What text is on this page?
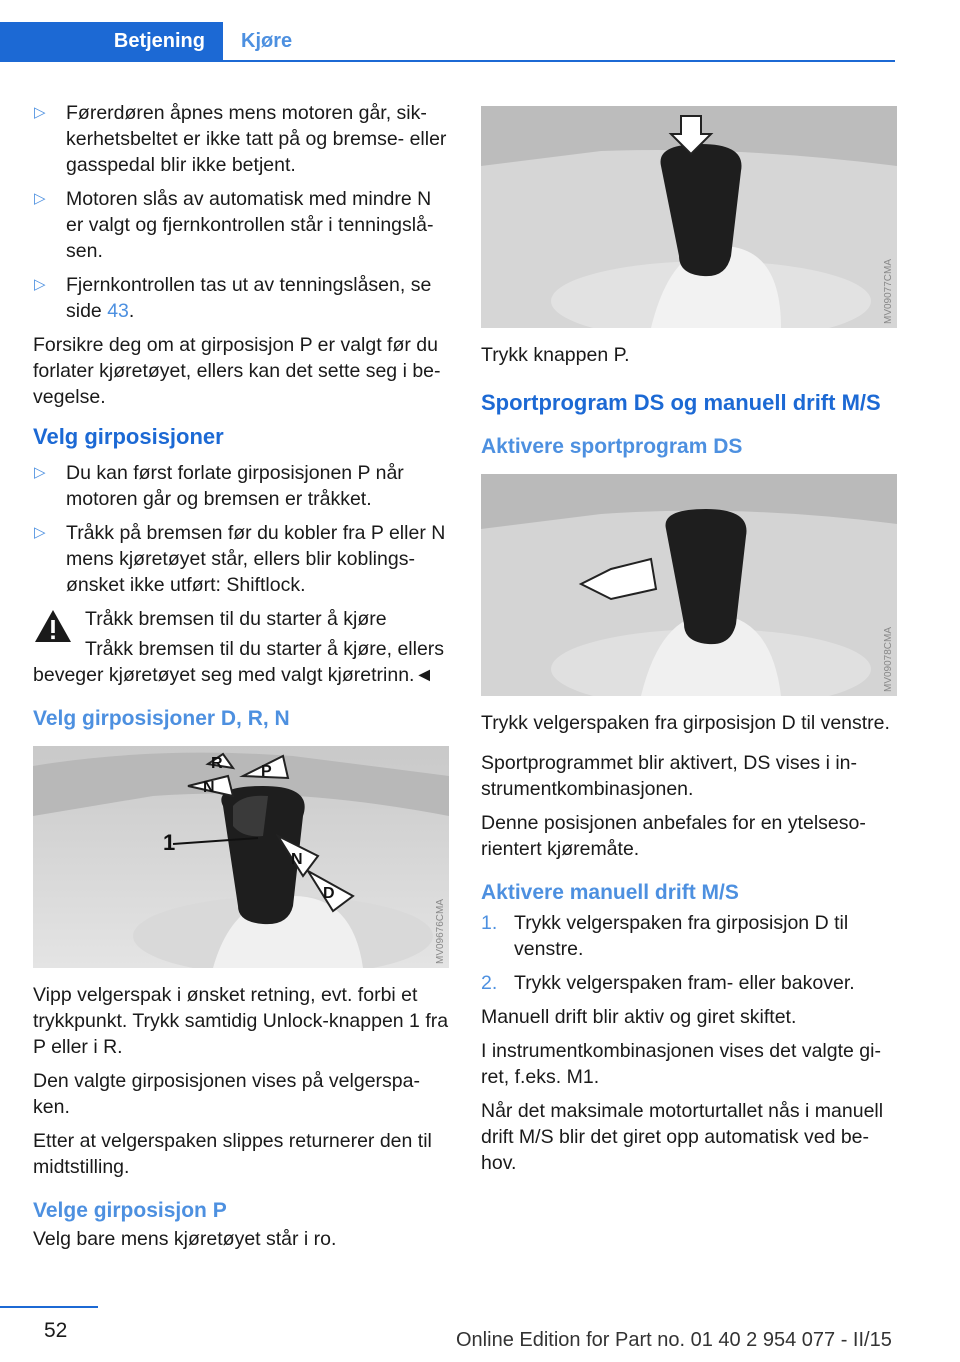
Betjening Kjøre
▷ Førerdøren åpnes mens motoren går, sikkerhetsbeltet er ikke tatt på og bremse- eller gasspedal blir ikke betjent.
▷ Motoren slås av automatisk med mindre N er valgt og fjernkontrollen står i tenningslåsen.
▷ Fjernkontrollen tas ut av tenningslåsen, se side 43.

Forsikre deg om at girposisjon P er valgt før du forlater kjøretøyet, ellers kan det sette seg i bevegelse.

Velg girposisjoner
▷ Du kan først forlate girposisjonen P når motoren går og bremsen er tråkket.
▷ Tråkk på bremsen før du kobler fra P eller N mens kjøretøyet står, ellers blir koblingsønsket ikke utført: Shiftlock.
Tråkk bremsen til du starter å kjøre

Tråkk bremsen til du starter å kjøre, ellers beveger kjøretøyet seg med valgt kjøretrinn.◄

Velg girposisjoner D, R, N
1
R
N
P
N
D
MV09676CMA

Vipp velgerspak i ønsket retning, evt. forbi et trykkpunkt. Trykk samtidig Unlock-knappen 1 fra P eller i R.

Den valgte girposisjonen vises på velgerspaken.

Etter at velgerspaken slippes returnerer den til midtstilling.

Velge girposisjon P

Velg bare mens kjøretøyet står i ro.

MV09077CMA

Trykk knappen P.

Sportprogram DS og manuell drift M/S
Aktivere sportprogram DS
MV09078CMA

Trykk velgerspaken fra girposisjon D til venstre.

Sportprogrammet blir aktivert, DS vises i instrumentkombinasjonen.

Denne posisjonen anbefales for en ytelsesorientert kjøremåte.

Aktivere manuell drift M/S
1. Trykk velgerspaken fra girposisjon D til venstre.
2. Trykk velgerspaken fram- eller bakover.

Manuell drift blir aktiv og giret skiftet.

I instrumentkombinasjonen vises det valgte giret, f.eks. M1.

Når det maksimale motorturtallet nås i manuell drift M/S blir det giret opp automatisk ved behov.

52	Online Edition for Part no. 01 40 2 954 077 - II/15
